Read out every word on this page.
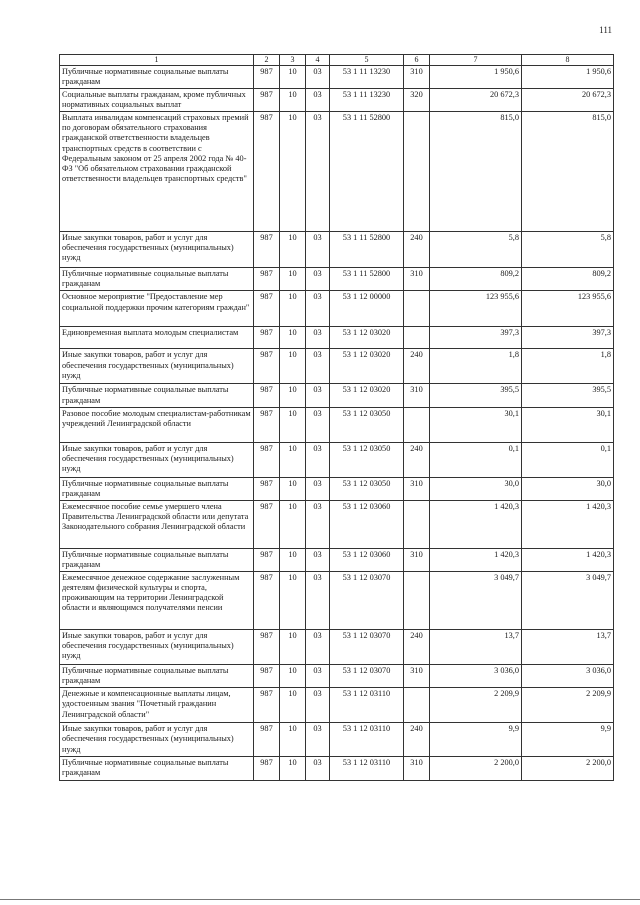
111
1	2	3	4	5	6	7	8
Публичные нормативные социальные выплаты гражданам	987	10	03	53 1 11 13230	310	1 950,6	1 950,6
Социальные выплаты гражданам, кроме публичных нормативных социальных выплат	987	10	03	53 1 11 13230	320	20 672,3	20 672,3
Выплата инвалидам компенсаций страховых премий по договорам обязательного страхования гражданской ответственности владельцев транспортных средств в соответствии с Федеральным законом от 25 апреля 2002 года № 40-ФЗ "Об обязательном страховании гражданской ответственности владельцев транспортных средств"	987	10	03	53 1 11 52800		815,0	815,0
Иные закупки товаров, работ и услуг для обеспечения государственных (муниципальных) нужд	987	10	03	53 1 11 52800	240	5,8	5,8
Публичные нормативные социальные выплаты гражданам	987	10	03	53 1 11 52800	310	809,2	809,2
Основное мероприятие "Предоставление мер социальной поддержки прочим категориям граждан"	987	10	03	53 1 12 00000		123 955,6	123 955,6
Единовременная выплата молодым специалистам	987	10	03	53 1 12 03020		397,3	397,3
Иные закупки товаров, работ и услуг для обеспечения государственных (муниципальных) нужд	987	10	03	53 1 12 03020	240	1,8	1,8
Публичные нормативные социальные выплаты гражданам	987	10	03	53 1 12 03020	310	395,5	395,5
Разовое пособие молодым специалистам-работникам учреждений Ленинградской области	987	10	03	53 1 12 03050		30,1	30,1
Иные закупки товаров, работ и услуг для обеспечения государственных (муниципальных) нужд	987	10	03	53 1 12 03050	240	0,1	0,1
Публичные нормативные социальные выплаты гражданам	987	10	03	53 1 12 03050	310	30,0	30,0
Ежемесячное пособие семье умершего члена Правительства Ленинградской области или депутата Законодательного собрания Ленинградской области	987	10	03	53 1 12 03060		1 420,3	1 420,3
Публичные нормативные социальные выплаты гражданам	987	10	03	53 1 12 03060	310	1 420,3	1 420,3
Ежемесячное денежное содержание заслуженным деятелям физической культуры и спорта, проживающим на территории Ленинградской области и являющимся получателями пенсии	987	10	03	53 1 12 03070		3 049,7	3 049,7
Иные закупки товаров, работ и услуг для обеспечения государственных (муниципальных) нужд	987	10	03	53 1 12 03070	240	13,7	13,7
Публичные нормативные социальные выплаты гражданам	987	10	03	53 1 12 03070	310	3 036,0	3 036,0
Денежные и компенсационные выплаты лицам, удостоенным звания "Почетный гражданин Ленинградской области"	987	10	03	53 1 12 03110		2 209,9	2 209,9
Иные закупки товаров, работ и услуг для обеспечения государственных (муниципальных) нужд	987	10	03	53 1 12 03110	240	9,9	9,9
Публичные нормативные социальные выплаты гражданам	987	10	03	53 1 12 03110	310	2 200,0	2 200,0
